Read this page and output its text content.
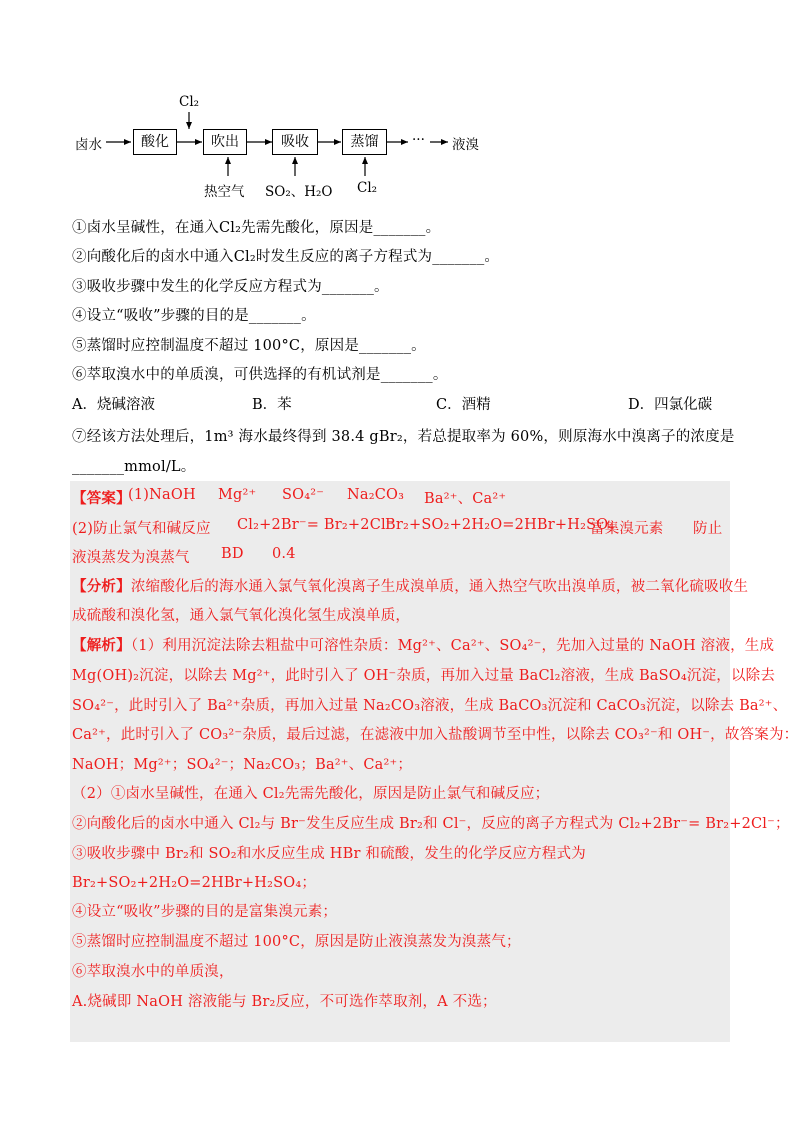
卤水	酸化	吹出	吸收	蒸馏	··· 液溴
Cl₂
热空气 SO₂、H₂O Cl₂
①卤水呈碱性，在通入Cl₂先需先酸化，原因是_______。
②向酸化后的卤水中通入Cl₂时发生反应的离子方程式为_______。
③吸收步骤中发生的化学反应方程式为_______。
④设立“吸收”步骤的目的是_______。
⑤蒸馏时应控制温度不超过 100°C，原因是_______。
⑥萃取溴水中的单质溴，可供选择的有机试剂是_______。
A．烧碱溶液	B．苯	C．酒精	D．四氯化碳
⑦经该方法处理后，1m³ 海水最终得到 38.4 gBr₂，若总提取率为 60%，则原海水中溴离子的浓度是
_______mmol/L。
【答案】
(1)NaOH Mg²⁺ SO₄²⁻ Na₂CO₃ Ba²⁺、Ca²⁺
(2)防止氯气和碱反应 Cl₂+2Br⁻= Br₂+2Cl⁻
Br₂+SO₂+2H₂O=2HBr+H₂SO₄
富集溴元素 防止
液溴蒸发为溴蒸气 BD 0.4
【分析】浓缩酸化后的海水通入氯气氧化溴离子生成溴单质，通入热空气吹出溴单质，被二氧化硫吸收生
成硫酸和溴化氢，通入氯气氧化溴化氢生成溴单质，
【解析】（1）利用沉淀法除去粗盐中可溶性杂质：Mg²⁺、Ca²⁺、SO₄²⁻，先加入过量的 NaOH 溶液，生成
Mg(OH)₂沉淀，以除去 Mg²⁺，此时引入了 OH⁻杂质，再加入过量 BaCl₂溶液，生成 BaSO₄沉淀，以除去
SO₄²⁻，此时引入了 Ba²⁺杂质，再加入过量 Na₂CO₃溶液，生成 BaCO₃沉淀和 CaCO₃沉淀，以除去 Ba²⁺、
Ca²⁺，此时引入了 CO₃²⁻杂质，最后过滤，在滤液中加入盐酸调节至中性，以除去 CO₃²⁻和 OH⁻，故答案为：
NaOH；Mg²⁺；SO₄²⁻；Na₂CO₃；Ba²⁺、Ca²⁺；
（2）①卤水呈碱性，在通入 Cl₂先需先酸化，原因是防止氯气和碱反应；
②向酸化后的卤水中通入 Cl₂与 Br⁻发生反应生成 Br₂和 Cl⁻，反应的离子方程式为 Cl₂+2Br⁻= Br₂+2Cl⁻；
③吸收步骤中 Br₂和 SO₂和水反应生成 HBr 和硫酸，发生的化学反应方程式为
Br₂+SO₂+2H₂O=2HBr+H₂SO₄；
④设立“吸收”步骤的目的是富集溴元素；
⑤蒸馏时应控制温度不超过 100°C，原因是防止液溴蒸发为溴蒸气；
⑥萃取溴水中的单质溴，
A.烧碱即 NaOH 溶液能与 Br₂反应，不可选作萃取剂，A 不选；
